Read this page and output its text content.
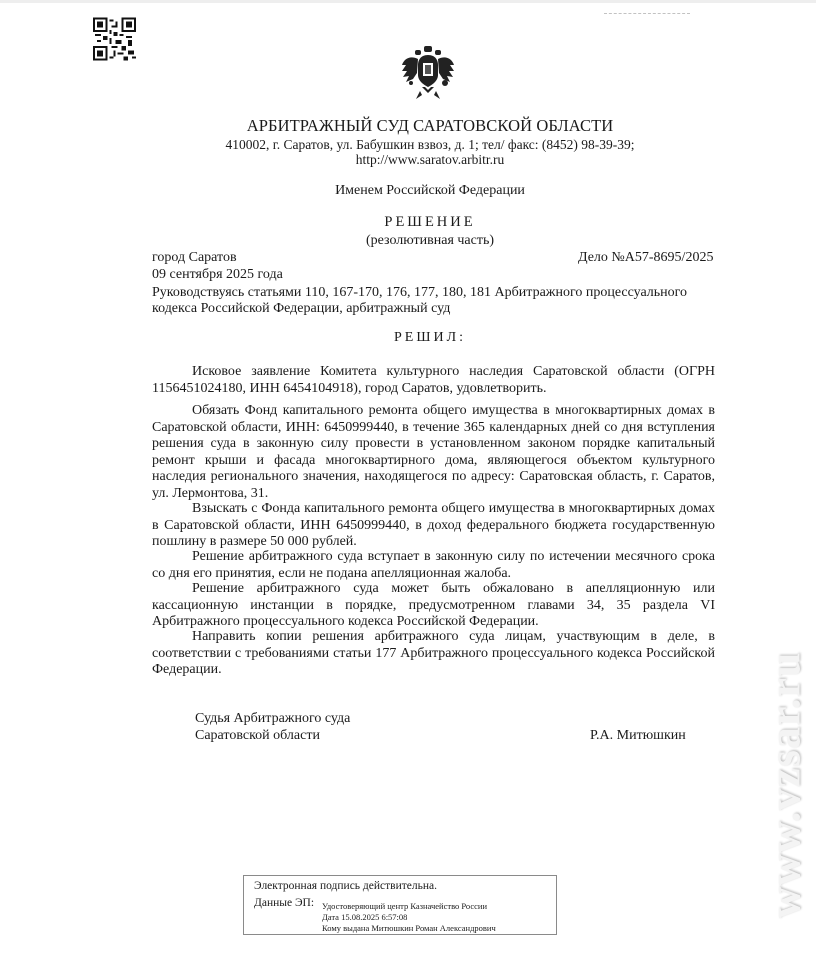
АРБИТРАЖНЫЙ СУД САРАТОВСКОЙ ОБЛАСТИ
410002, г. Саратов, ул. Бабушкин взвоз, д. 1; тел/ факс: (8452) 98-39-39;
http://www.saratov.arbitr.ru
Именем Российской Федерации
РЕШЕНИЕ
(резолютивная часть)
город Саратов	Дело №А57-8695/2025
09 сентября 2025 года
Руководствуясь статьями 110, 167-170, 176, 177, 180, 181 Арбитражного процессуального
кодекса Российской Федерации, арбитражный суд
РЕШИЛ:

Исковое заявление Комитета культурного наследия Саратовской области (ОГРН 1156451024180, ИНН 6454104918), город Саратов, удовлетворить.

Обязать Фонд капитального ремонта общего имущества в многоквартирных домах в Саратовской области, ИНН: 6450999440, в течение 365 календарных дней со дня вступления решения суда в законную силу провести в установленном законом порядке капитальный ремонт крыши и фасада многоквартирного дома, являющегося объектом культурного наследия регионального значения, находящегося по адресу: Саратовская область, г. Саратов, ул. Лермонтова, 31.

Взыскать с Фонда капитального ремонта общего имущества в многоквартирных домах в Саратовской области, ИНН 6450999440, в доход федерального бюджета государственную пошлину в размере 50 000 рублей.

Решение арбитражного суда вступает в законную силу по истечении месячного срока со дня его принятия, если не подана апелляционная жалоба.

Решение арбитражного суда может быть обжаловано в апелляционную или кассационную инстанции в порядке, предусмотренном главами 34, 35 раздела VI Арбитражного процессуального кодекса Российской Федерации.

Направить копии решения арбитражного суда лицам, участвующим в деле, в соответствии с требованиями статьи 177 Арбитражного процессуального кодекса Российской Федерации.

Судья Арбитражного суда
Саратовской области	Р.А. Митюшкин
Электронная подпись действительна.
Данные ЭП: Удостоверяющий центр Казначейство России
Дата 15.08.2025 6:57:08
Кому выдана Митюшкин Роман Александрович
www.vzsar.ru
